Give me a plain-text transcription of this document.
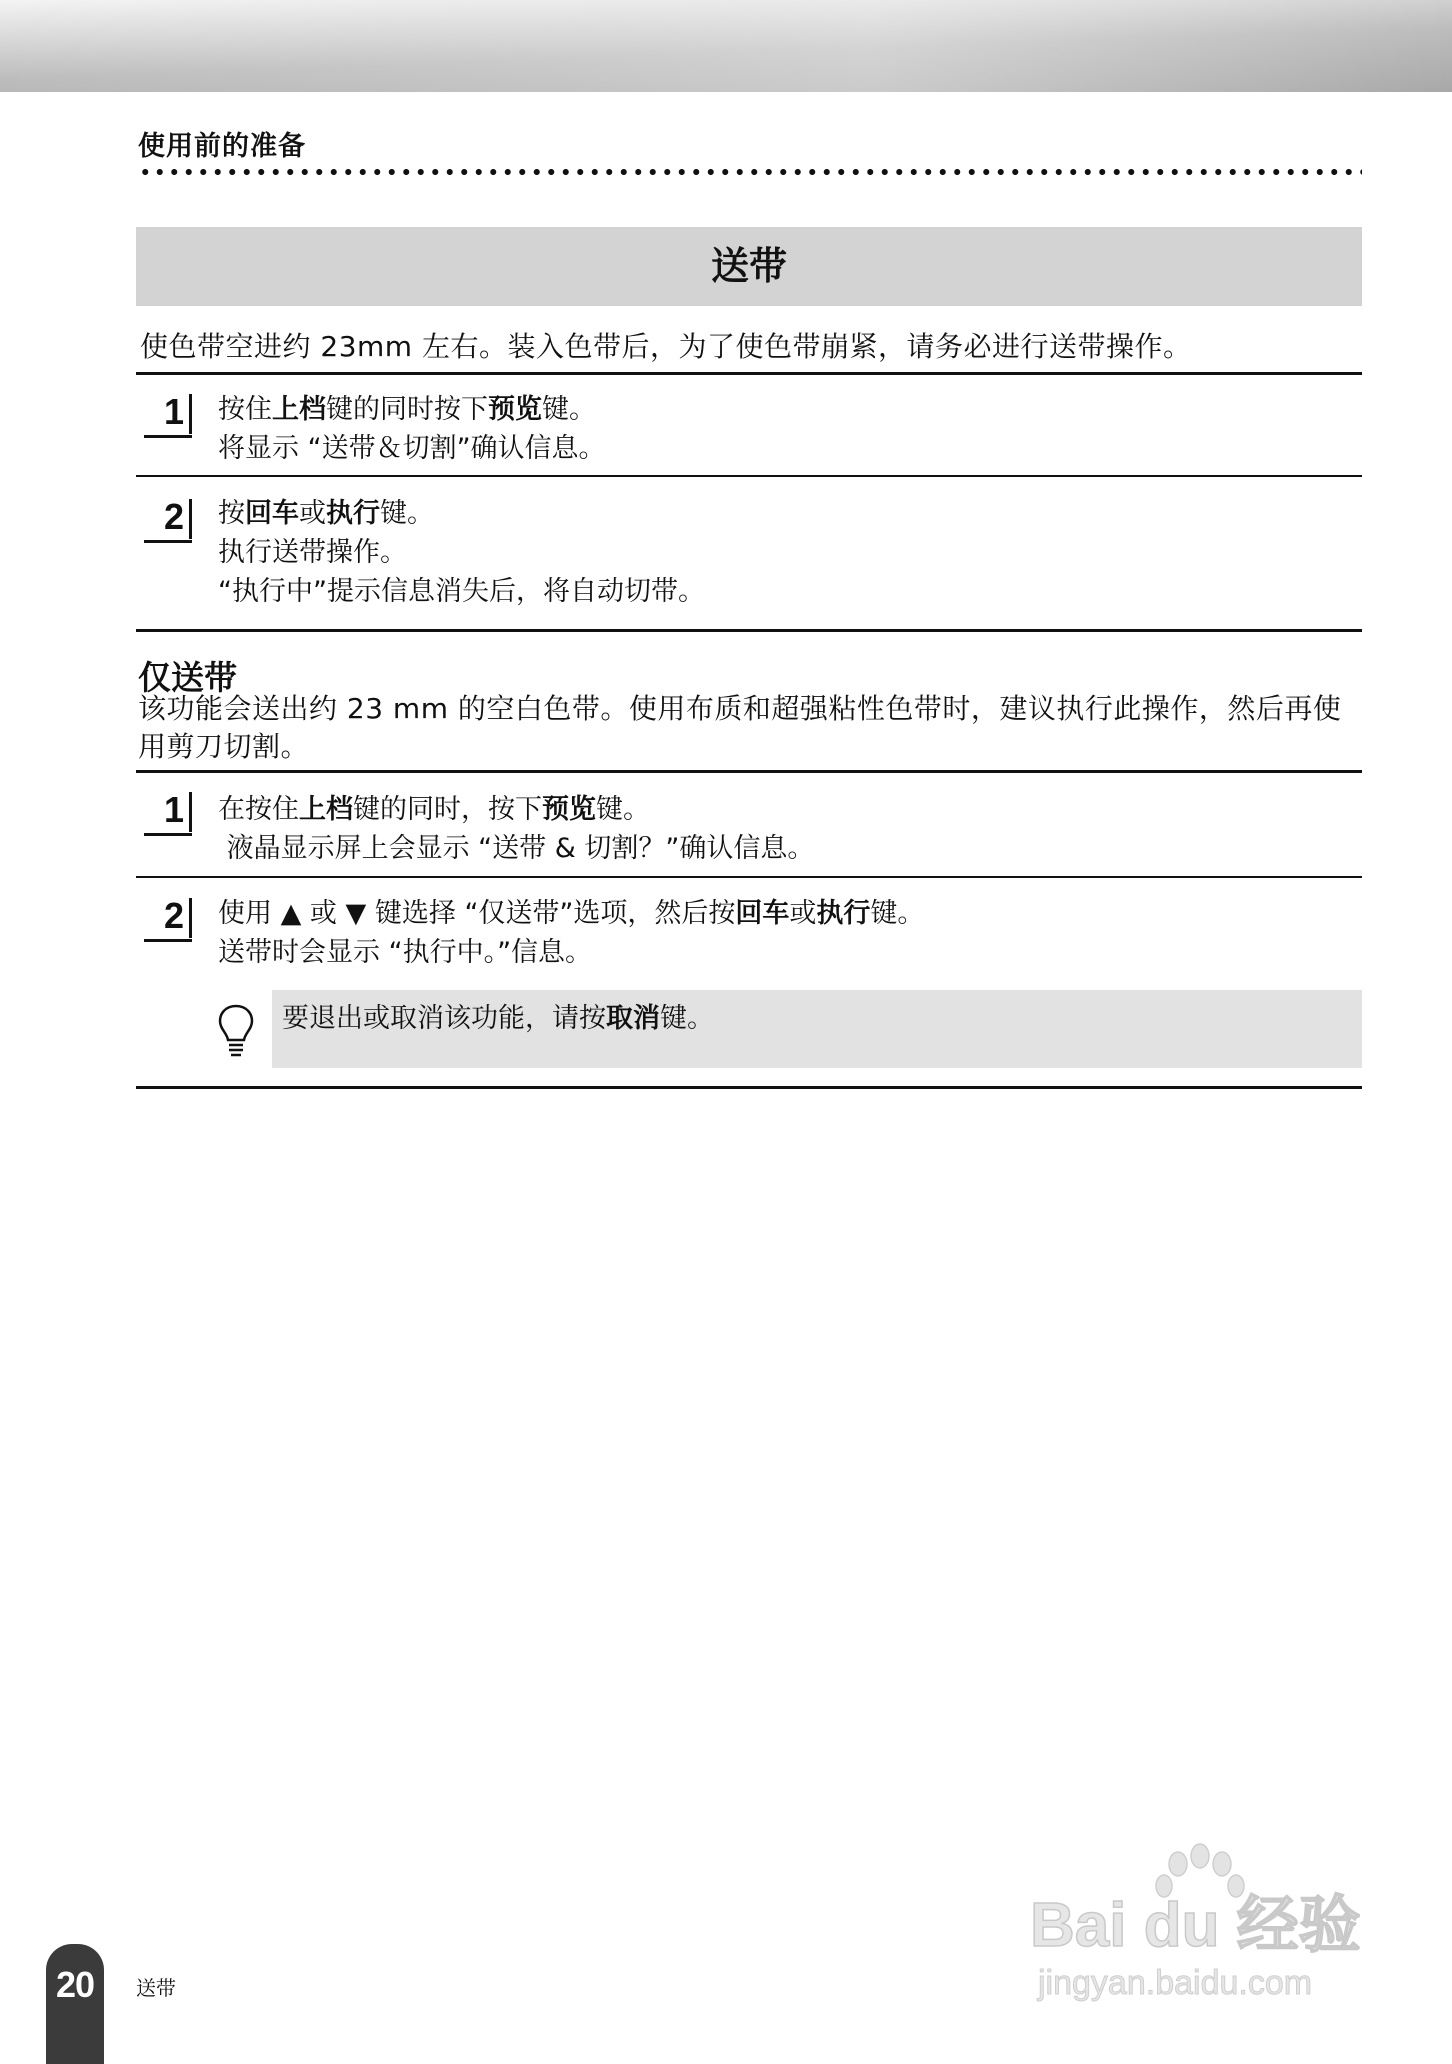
使用前的准备
送带
使色带空进约 23mm 左右。装入色带后，为了使色带崩紧，请务必进行送带操作。
1 按住上档键的同时按下预览键。
将显示 “送带＆切割”确认信息。
2 按回车或执行键。
执行送带操作。
“执行中”提示信息消失后，将自动切带。
仅送带
该功能会送出约 23 mm 的空白色带。使用布质和超强粘性色带时，建议执行此操作，然后再使用剪刀切割。
1 在按住上档键的同时，按下预览键。
液晶显示屏上会显示 “送带 & 切割？”确认信息。
2 使用 ▲ 或 ▼ 键选择 “仅送带”选项，然后按回车或执行键。
送带时会显示 “执行中。”信息。
要退出或取消该功能，请按取消键。
20	送带
Bai du 经验
jingyan.baidu.com
